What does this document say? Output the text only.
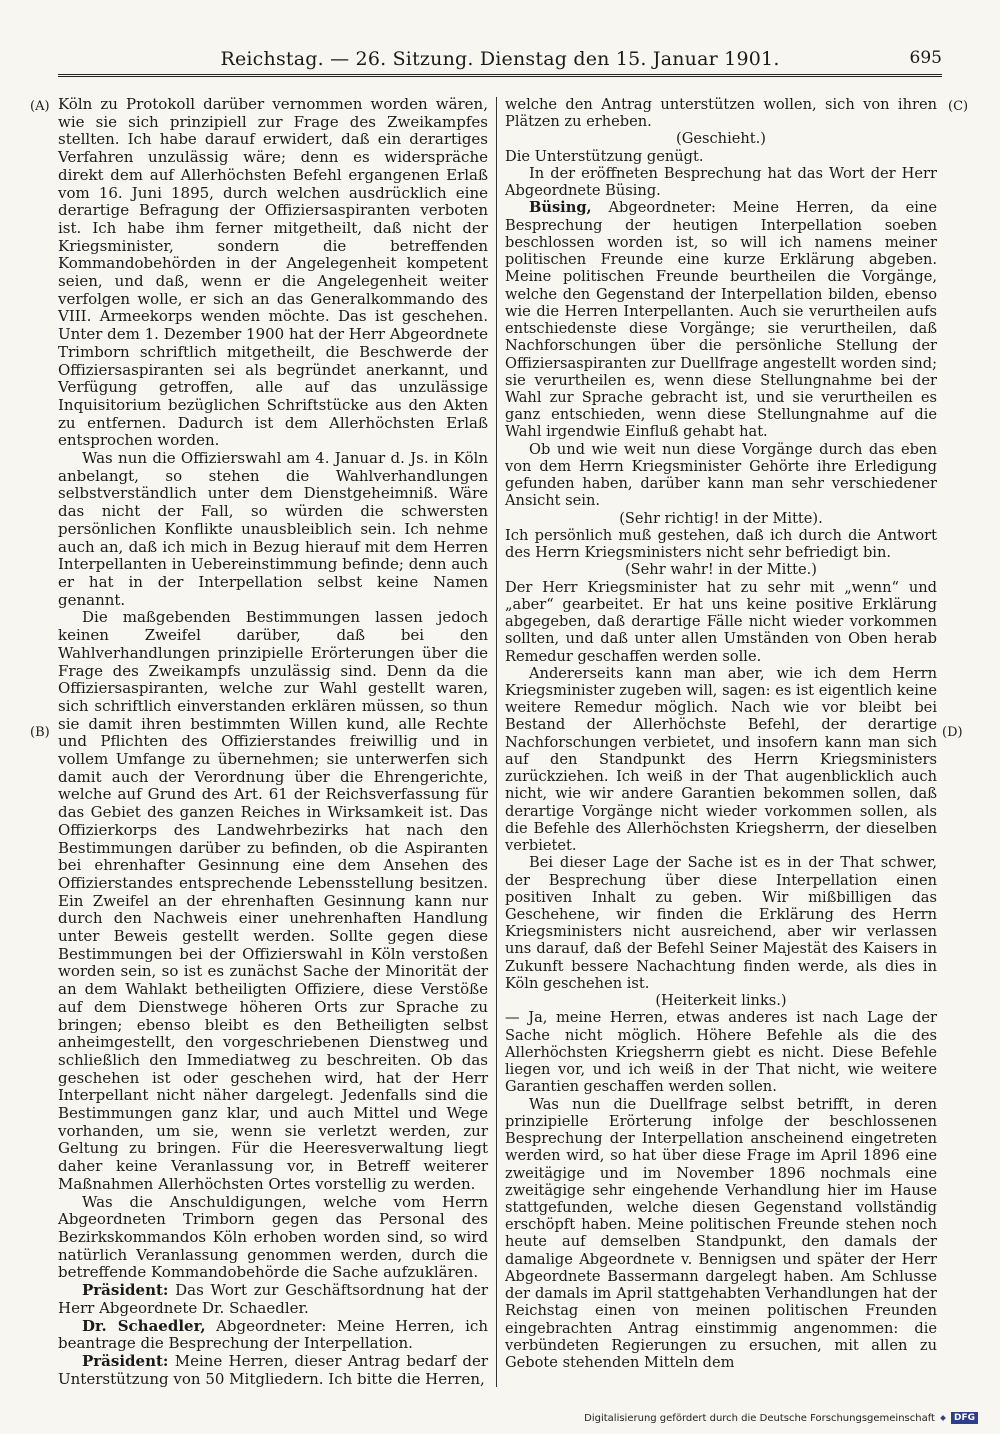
Reichstag. — 26. Sitzung. Dienstag den 15. Januar 1901.	695
(A)
(B)
(C)
(D)

Köln zu Protokoll darüber vernommen worden wären, wie sie sich prinzipiell zur Frage des Zweikampfes stellten. Ich habe darauf erwidert, daß ein derartiges Verfahren unzulässig wäre; denn es widerspräche direkt dem auf Allerhöchsten Befehl ergangenen Erlaß vom 16. Juni 1895, durch welchen ausdrücklich eine derartige Befragung der Offiziersaspiranten verboten ist. Ich habe ihm ferner mitgetheilt, daß nicht der Kriegsminister, sondern die betreffenden Kommandobehörden in der Angelegenheit kompetent seien, und daß, wenn er die Angelegenheit weiter verfolgen wolle, er sich an das Generalkommando des VIII. Armeekorps wenden möchte. Das ist geschehen. Unter dem 1. Dezember 1900 hat der Herr Abgeordnete Trimborn schriftlich mitgetheilt, die Beschwerde der Offiziersaspiranten sei als begründet anerkannt, und Verfügung getroffen, alle auf das unzulässige Inquisitorium bezüglichen Schriftstücke aus den Akten zu entfernen. Dadurch ist dem Allerhöchsten Erlaß entsprochen worden.

Was nun die Offizierswahl am 4. Januar d. Js. in Köln anbelangt, so stehen die Wahlverhandlungen selbstverständlich unter dem Dienstgeheimniß. Wäre das nicht der Fall, so würden die schwersten persönlichen Konflikte unausbleiblich sein. Ich nehme auch an, daß ich mich in Bezug hierauf mit dem Herren Interpellanten in Uebereinstimmung befinde; denn auch er hat in der Interpellation selbst keine Namen genannt.

Die maßgebenden Bestimmungen lassen jedoch keinen Zweifel darüber, daß bei den Wahlverhandlungen prinzipielle Erörterungen über die Frage des Zweikampfs unzulässig sind. Denn da die Offiziersaspiranten, welche zur Wahl gestellt waren, sich schriftlich einverstanden erklären müssen, so thun sie damit ihren bestimmten Willen kund, alle Rechte und Pflichten des Offizierstandes freiwillig und in vollem Umfange zu übernehmen; sie unterwerfen sich damit auch der Verordnung über die Ehrengerichte, welche auf Grund des Art. 61 der Reichsverfassung für das Gebiet des ganzen Reiches in Wirksamkeit ist. Das Offizierkorps des Landwehrbezirks hat nach den Bestimmungen darüber zu befinden, ob die Aspiranten bei ehrenhafter Gesinnung eine dem Ansehen des Offizierstandes entsprechende Lebensstellung besitzen. Ein Zweifel an der ehrenhaften Gesinnung kann nur durch den Nachweis einer unehrenhaften Handlung unter Beweis gestellt werden. Sollte gegen diese Bestimmungen bei der Offizierswahl in Köln verstoßen worden sein, so ist es zunächst Sache der Minorität der an dem Wahlakt betheiligten Offiziere, diese Verstöße auf dem Dienstwege höheren Orts zur Sprache zu bringen; ebenso bleibt es den Betheiligten selbst anheimgestellt, den vorgeschriebenen Dienstweg und schließlich den Immediatweg zu beschreiten. Ob das geschehen ist oder geschehen wird, hat der Herr Interpellant nicht näher dargelegt. Jedenfalls sind die Bestimmungen ganz klar, und auch Mittel und Wege vorhanden, um sie, wenn sie verletzt werden, zur Geltung zu bringen. Für die Heeresverwaltung liegt daher keine Veranlassung vor, in Betreff weiterer Maßnahmen Allerhöchsten Ortes vorstellig zu werden.

Was die Anschuldigungen, welche vom Herrn Abgeordneten Trimborn gegen das Personal des Bezirkskommandos Köln erhoben worden sind, so wird natürlich Veranlassung genommen werden, durch die betreffende Kommandobehörde die Sache aufzuklären.

Präsident: Das Wort zur Geschäftsordnung hat der Herr Abgeordnete Dr. Schaedler.

Dr. Schaedler, Abgeordneter: Meine Herren, ich beantrage die Besprechung der Interpellation.

Präsident: Meine Herren, dieser Antrag bedarf der Unterstützung von 50 Mitgliedern. Ich bitte die Herren,

welche den Antrag unterstützen wollen, sich von ihren Plätzen zu erheben.

(Geschieht.)

Die Unterstützung genügt.

In der eröffneten Besprechung hat das Wort der Herr Abgeordnete Büsing.

Büsing, Abgeordneter: Meine Herren, da eine Besprechung der heutigen Interpellation soeben beschlossen worden ist, so will ich namens meiner politischen Freunde eine kurze Erklärung abgeben. Meine politischen Freunde beurtheilen die Vorgänge, welche den Gegenstand der Interpellation bilden, ebenso wie die Herren Interpellanten. Auch sie verurtheilen aufs entschiedenste diese Vorgänge; sie verurtheilen, daß Nachforschungen über die persönliche Stellung der Offiziersaspiranten zur Duellfrage angestellt worden sind; sie verurtheilen es, wenn diese Stellungnahme bei der Wahl zur Sprache gebracht ist, und sie verurtheilen es ganz entschieden, wenn diese Stellungnahme auf die Wahl irgendwie Einfluß gehabt hat.

Ob und wie weit nun diese Vorgänge durch das eben von dem Herrn Kriegsminister Gehörte ihre Erledigung gefunden haben, darüber kann man sehr verschiedener Ansicht sein.

(Sehr richtig! in der Mitte).

Ich persönlich muß gestehen, daß ich durch die Antwort des Herrn Kriegsministers nicht sehr befriedigt bin.

(Sehr wahr! in der Mitte.)

Der Herr Kriegsminister hat zu sehr mit „wenn“ und „aber“ gearbeitet. Er hat uns keine positive Erklärung abgegeben, daß derartige Fälle nicht wieder vorkommen sollten, und daß unter allen Umständen von Oben herab Remedur geschaffen werden solle.

Andererseits kann man aber, wie ich dem Herrn Kriegsminister zugeben will, sagen: es ist eigentlich keine weitere Remedur möglich. Nach wie vor bleibt bei Bestand der Allerhöchste Befehl, der derartige Nachforschungen verbietet, und insofern kann man sich auf den Standpunkt des Herrn Kriegsministers zurückziehen. Ich weiß in der That augenblicklich auch nicht, wie wir andere Garantien bekommen sollen, daß derartige Vorgänge nicht wieder vorkommen sollen, als die Befehle des Allerhöchsten Kriegsherrn, der dieselben verbietet.

Bei dieser Lage der Sache ist es in der That schwer, der Besprechung über diese Interpellation einen positiven Inhalt zu geben. Wir mißbilligen das Geschehene, wir finden die Erklärung des Herrn Kriegsministers nicht ausreichend, aber wir verlassen uns darauf, daß der Befehl Seiner Majestät des Kaisers in Zukunft bessere Nachachtung finden werde, als dies in Köln geschehen ist.

(Heiterkeit links.)

— Ja, meine Herren, etwas anderes ist nach Lage der Sache nicht möglich. Höhere Befehle als die des Allerhöchsten Kriegsherrn giebt es nicht. Diese Befehle liegen vor, und ich weiß in der That nicht, wie weitere Garantien geschaffen werden sollen.

Was nun die Duellfrage selbst betrifft, in deren prinzipielle Erörterung infolge der beschlossenen Besprechung der Interpellation anscheinend eingetreten werden wird, so hat über diese Frage im April 1896 eine zweitägige und im November 1896 nochmals eine zweitägige sehr eingehende Verhandlung hier im Hause stattgefunden, welche diesen Gegenstand vollständig erschöpft haben. Meine politischen Freunde stehen noch heute auf demselben Standpunkt, den damals der damalige Abgeordnete v. Bennigsen und später der Herr Abgeordnete Bassermann dargelegt haben. Am Schlusse der damals im April stattgehabten Verhandlungen hat der Reichstag einen von meinen politischen Freunden eingebrachten Antrag einstimmig angenommen: die verbündeten Regierungen zu ersuchen, mit allen zu Gebote stehenden Mitteln dem

Digitalisierung gefördert durch die Deutsche Forschungsgemeinschaft	DFG
